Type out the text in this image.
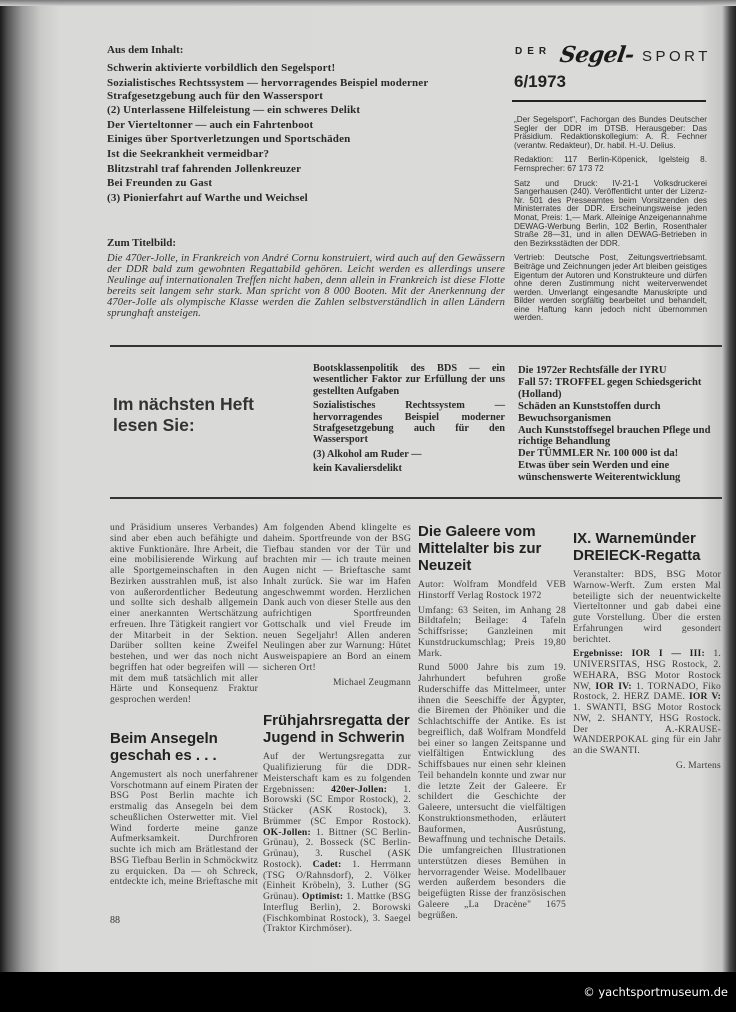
Aus dem Inhalt:
Schwerin aktivierte vorbildlich den Segelsport!
Sozialistisches Rechtssystem — hervorragendes Beispiel moderner Strafgesetzgebung auch für den Wassersport
(2) Unterlassene Hilfeleistung — ein schweres Delikt
Der Vierteltonner — auch ein Fahrtenboot
Einiges über Sportverletzungen und Sportschäden
Ist die Seekrankheit vermeidbar?
Blitzstrahl traf fahrenden Jollenkreuzer
Bei Freunden zu Gast
(3) Pionierfahrt auf Warthe und Weichsel
Zum Titelbild:
Die 470er-Jolle, in Frankreich von André Cornu konstruiert, wird auch auf den Gewässern der DDR bald zum gewohnten Regattabild gehören. Leicht werden es allerdings unsere Neulinge auf internationalen Treffen nicht haben, denn allein in Frankreich ist diese Flotte bereits seit langem sehr stark. Man spricht von 8 000 Booten. Mit der Anerkennung der 470er-Jolle als olympische Klasse werden die Zahlen selbstverständlich in allen Ländern sprunghaft ansteigen.
DER Segel- SPORT
6/1973

„Der Segelsport", Fachorgan des Bundes Deutscher Segler der DDR im DTSB. Herausgeber: Das Präsidium. Redaktionskollegium: A. R. Fechner (verantw. Redakteur), Dr. habil. H.-U. Delius.

Redaktion: 117 Berlin-Köpenick, Igelsteig 8. Fernsprecher: 67 173 72

Satz und Druck: IV-21-1 Volksdruckerei Sangerhausen (240). Veröffentlicht unter der Lizenz-Nr. 501 des Presseamtes beim Vorsitzenden des Ministerrates der DDR. Erscheinungsweise jeden Monat, Preis: 1,— Mark. Alleinige Anzeigenannahme DEWAG-Werbung Berlin, 102 Berlin, Rosenthaler Straße 28—31, und in allen DEWAG-Betrieben in den Bezirksstädten der DDR.

Vertrieb: Deutsche Post, Zeitungsvertriebsamt. Beiträge und Zeichnungen jeder Art bleiben geistiges Eigentum der Autoren und Konstrukteure und dürfen ohne deren Zustimmung nicht weiterverwendet werden. Unverlangt eingesandte Manuskripte und Bilder werden sorgfältig bearbeitet und behandelt, eine Haftung kann jedoch nicht übernommen werden.

Im nächsten Heft
lesen Sie:

Bootsklassenpolitik des BDS — ein wesentlicher Faktor zur Erfüllung der uns gestellten Aufgaben

Sozialistisches Rechtssystem — hervorragendes Beispiel moderner Strafgesetzgebung auch für den Wassersport

(3) Alkohol am Ruder —
kein Kavaliersdelikt
Die 1972er Rechtsfälle der IYRU
Fall 57: TROFFEL gegen Schiedsgericht (Holland)
Schäden an Kunststoffen durch Bewuchsorganismen
Auch Kunststoffsegel brauchen Pflege und richtige Behandlung
Der TÜMMLER Nr. 100 000 ist da!
Etwas über sein Werden und eine wünschenswerte Weiterentwicklung

und Präsidium unseres Verbandes) sind aber eben auch befähigte und aktive Funktionäre. Ihre Arbeit, die eine mobilisierende Wirkung auf alle Sportgemeinschaften in den Bezirken ausstrahlen muß, ist also von außerordentlicher Bedeutung und sollte sich deshalb allgemein einer anerkannten Wertschätzung erfreuen. Ihre Tätigkeit rangiert vor der Mitarbeit in der Sektion. Darüber sollten keine Zweifel bestehen, und wer das noch nicht begriffen hat oder begreifen will — mit dem muß tatsächlich mit aller Härte und Konsequenz Fraktur gesprochen werden!

Beim Ansegeln geschah es . . .

Angemustert als noch unerfahrener Vorschotmann auf einem Piraten der BSG Post Berlin machte ich erstmalig das Ansegeln bei dem scheußlichen Osterwetter mit. Viel Wind forderte meine ganze Aufmerksamkeit. Durchfroren suchte ich mich am Brätlestand der BSG Tiefbau Berlin in Schmöckwitz zu erquicken. Da — oh Schreck, entdeckte ich, meine Brieftasche mit

88

Am folgenden Abend klingelte es daheim. Sportfreunde von der BSG Tiefbau standen vor der Tür und brachten mir — ich traute meinen Augen nicht — Brieftasche samt Inhalt zurück. Sie war im Hafen angeschwemmt worden. Herzlichen Dank auch von dieser Stelle aus den aufrichtigen Sportfreunden Gottschalk und viel Freude im neuen Segeljahr! Allen anderen Neulingen aber zur Warnung: Hütet Ausweispapiere an Bord an einem sicheren Ort!

Michael Zeugmann

Frühjahrsregatta der Jugend in Schwerin

Auf der Wertungsregatta zur Qualifizierung für die DDR-Meisterschaft kam es zu folgenden Ergebnissen: 420er-Jollen: 1. Borowski (SC Empor Rostock), 2. Stäcker (ASK Rostock), 3. Brümmer (SC Empor Rostock). OK-Jollen: 1. Bittner (SC Berlin-Grünau), 2. Bosseck (SC Berlin-Grünau), 3. Ruschel (ASK Rostock). Cadet: 1. Herrmann (TSG O/Rahnsdorf), 2. Völker (Einheit Kröbeln), 3. Luther (SG Grünau). Optimist: 1. Mattke (BSG Interflug Berlin), 2. Borowski (Fischkombinat Rostock), 3. Saegel (Traktor Kirchmöser).

Die Galeere vom Mittelalter bis zur Neuzeit

Autor: Wolfram Mondfeld VEB Hinstorff Verlag Rostock 1972

Umfang: 63 Seiten, im Anhang 28 Bildtafeln; Beilage: 4 Tafeln Schiffsrisse; Ganzleinen mit Kunstdruckumschlag; Preis 19,80 Mark.

Rund 5000 Jahre bis zum 19. Jahrhundert befuhren große Ruderschiffe das Mittelmeer, unter ihnen die Seeschiffe der Ägypter, die Biremen der Phöniker und die Schlachtschiffe der Antike. Es ist begreiflich, daß Wolfram Mondfeld bei einer so langen Zeitspanne und vielfältigen Entwicklung des Schiffsbaues nur einen sehr kleinen Teil behandeln konnte und zwar nur die letzte Zeit der Galeere. Er schildert die Geschichte der Galeere, untersucht die vielfältigen Konstruktionsmethoden, erläutert Bauformen, Ausrüstung, Bewaffnung und technische Details. Die umfangreichen Illustrationen unterstützen dieses Bemühen in hervorragender Weise. Modellbauer werden außerdem besonders die beigefügten Risse der französischen Galeere „La Dracène" 1675 begrüßen.

IX. Warnemünder DREIECK-Regatta

Veranstalter: BDS, BSG Motor Warnow-Werft. Zum ersten Mal beteiligte sich der neuentwickelte Vierteltonner und gab dabei eine gute Vorstellung. Über die ersten Erfahrungen wird gesondert berichtet.

Ergebnisse: IOR I — III: 1. UNIVERSITAS, HSG Rostock, 2. WEHARA, BSG Motor Rostock NW, IOR IV: 1. TORNADO, Fiko Rostock, 2. HERZ DAME. IOR V: 1. SWANTI, BSG Motor Rostock NW, 2. SHANTY, HSG Rostock. Der A.-KRAUSE-WANDERPOKAL ging für ein Jahr an die SWANTI.

G. Martens

© yachtsportmuseum.de
